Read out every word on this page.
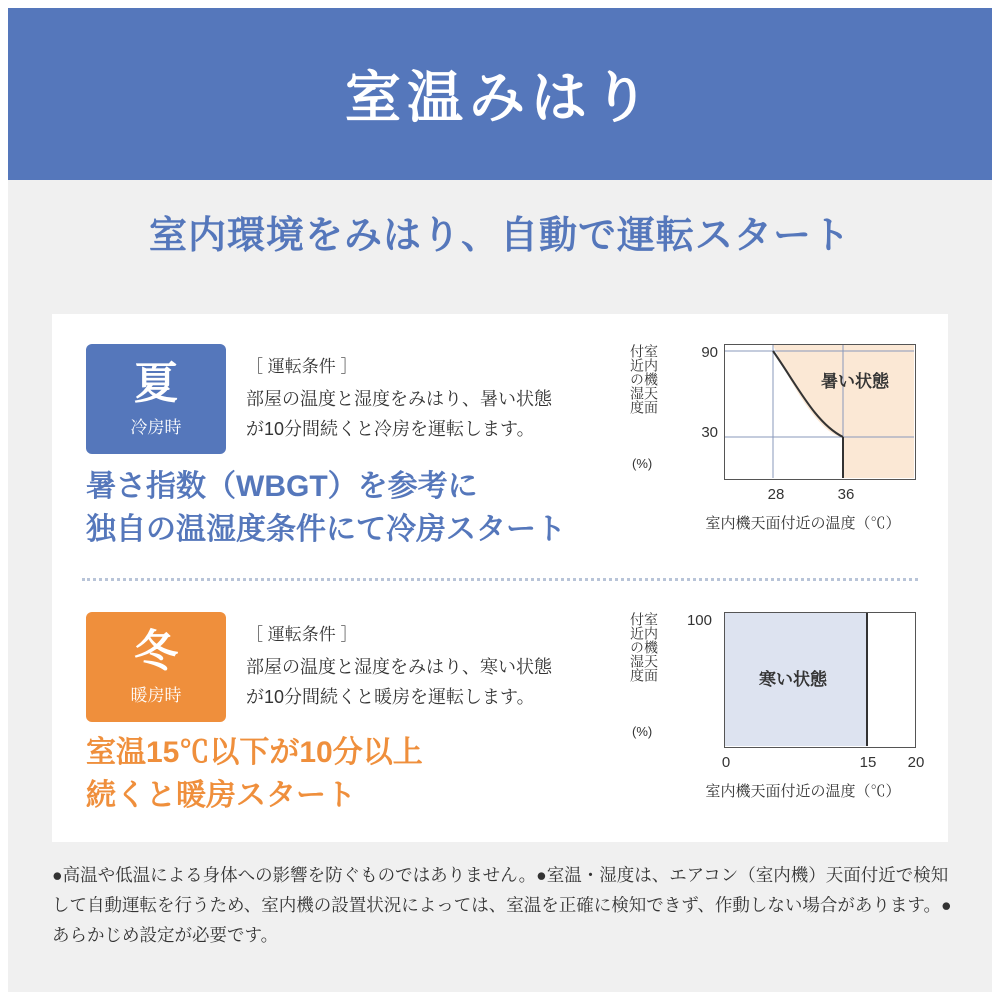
室温みはり
室内環境をみはり、自動で運転スタート
夏
冷房時
［ 運転条件 ］
部屋の温度と湿度をみはり、暑い状態が10分間続くと冷房を運転します。
暑さ指数（WBGT）を参考に
独自の温湿度条件にて冷房スタート
付近の湿度
室内機天面
(%)
90
30
暑い状態
28	36
室内機天面付近の温度（℃）
冬
暖房時
［ 運転条件 ］
部屋の温度と湿度をみはり、寒い状態が10分間続くと暖房を運転します。
室温15℃以下が10分以上
続くと暖房スタート
付近の湿度
室内機天面
(%)
100
寒い状態
0	15	20
室内機天面付近の温度（℃）
●高温や低温による身体への影響を防ぐものではありません。●室温・湿度は、エアコン（室内機）天面付近で検知して自動運転を行うため、室内機の設置状況によっては、室温を正確に検知できず、作動しない場合があります。●あらかじめ設定が必要です。
